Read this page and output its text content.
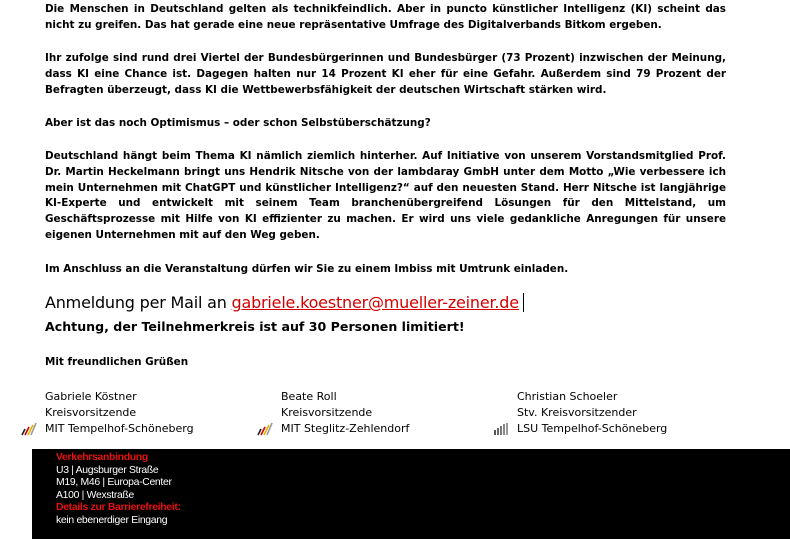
Die Menschen in Deutschland gelten als technikfeindlich. Aber in puncto künstlicher Intelligenz (KI) scheint das nicht zu greifen. Das hat gerade eine neue repräsentative Umfrage des Digitalverbands Bitkom ergeben.

Ihr zufolge sind rund drei Viertel der Bundesbürgerinnen und Bundesbürger (73 Prozent) inzwischen der Meinung, dass KI eine Chance ist. Dagegen halten nur 14 Prozent KI eher für eine Gefahr. Außerdem sind 79 Prozent der Befragten überzeugt, dass KI die Wettbewerbsfähigkeit der deutschen Wirtschaft stärken wird.

Aber ist das noch Optimismus – oder schon Selbstüberschätzung?

Deutschland hängt beim Thema KI nämlich ziemlich hinterher. Auf Initiative von unserem Vorstandsmitglied Prof. Dr. Martin Heckelmann bringt uns Hendrik Nitsche von der lambdaray GmbH unter dem Motto „Wie verbessere ich mein Unternehmen mit ChatGPT und künstlicher Intelligenz?“ auf den neuesten Stand. Herr Nitsche ist langjährige KI-Experte und entwickelt mit seinem Team branchenübergreifend Lösungen für den Mittelstand, um Geschäftsprozesse mit Hilfe von KI effizienter zu machen. Er wird uns viele gedankliche Anregungen für unsere eigenen Unternehmen mit auf den Weg geben.

Im Anschluss an die Veranstaltung dürfen wir Sie zu einem Imbiss mit Umtrunk einladen.

Anmeldung per Mail an gabriele.koestner@mueller-zeiner.de
Achtung, der Teilnehmerkreis ist auf 30 Personen limitiert!
Mit freundlichen Grüßen
Gabriele Köstner
Kreisvorsitzende
MIT Tempelhof-Schöneberg
Beate Roll
Kreisvorsitzende
MIT Steglitz-Zehlendorf
Christian Schoeler
Stv. Kreisvorsitzender
LSU Tempelhof-Schöneberg
Verkehrsanbindung
U3 | Augsburger Straße
M19, M46 | Europa-Center
A100 | Wexstraße
Details zur Barrierefreiheit:
kein ebenerdiger Eingang
